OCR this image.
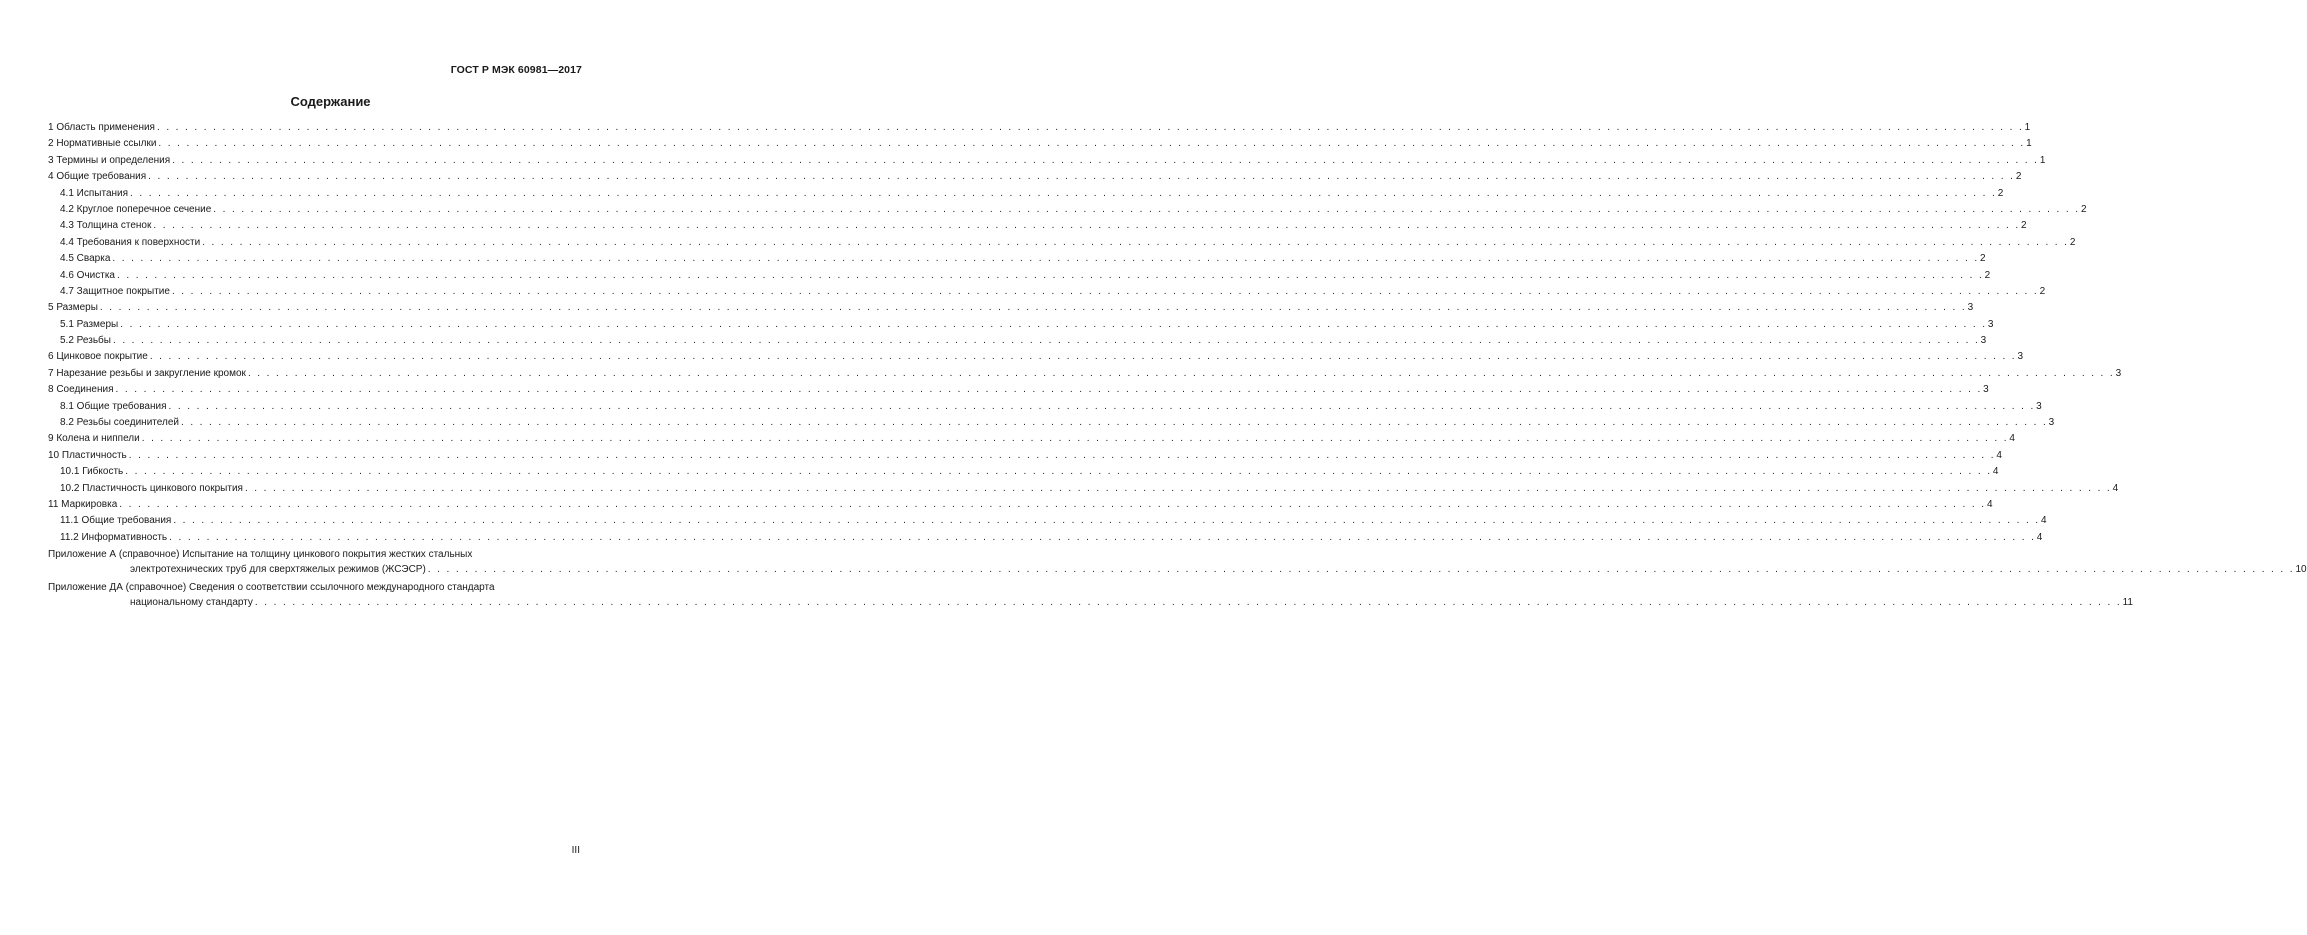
ГОСТ Р МЭК 60981—2017
Содержание
1 Область применения . . . . . . . . . . . . . . . . . . . . . . . . . . . . . . . . . . . . . . . . . . . . . . . . . . . . . . . . . . . . . . . . . . . . . . . . . . . . . . . . . . . . . . . . . . . . . . . . . . . . . . . . . . . . . . . . . . . . . . . . . . . . . . . . . . . . . . . . . . . . . . . . . . . . . . . . . . . . . . . . . . . . . . . . . . . . . . . . . . . . . . . . . . . . . . . . . . . . . . . . 1
2 Нормативные ссылки . . . . . . . . . . . . . . . . . . . . . . . . . . . . . . . . . . . . . . . . . . . . . . . . . . . . . . . . . . . . . . . . . . . . . . . . . . . . . . . . . . . . . . . . . . . . . . . . . . . . . . . . . . . . . . . . . . . . . . . . . . . . . . . . . . . . . . . . . . . . . . . . . . . . . . . . . . . . . . . . . . . . . . . . . . . . . . . . . . . . . . . . . . . . . . . . . . . . . . . . 1
3 Термины и определения . . . . . . . . . . . . . . . . . . . . . . . . . . . . . . . . . . . . . . . . . . . . . . . . . . . . . . . . . . . . . . . . . . . . . . . . . . . . . . . . . . . . . . . . . . . . . . . . . . . . . . . . . . . . . . . . . . . . . . . . . . . . . . . . . . . . . . . . . . . . . . . . . . . . . . . . . . . . . . . . . . . . . . . . . . . . . . . . . . . . . . . . . . . . . . . . . . . . . . . . 1
4 Общие требования . . . . . . . . . . . . . . . . . . . . . . . . . . . . . . . . . . . . . . . . . . . . . . . . . . . . . . . . . . . . . . . . . . . . . . . . . . . . . . . . . . . . . . . . . . . . . . . . . . . . . . . . . . . . . . . . . . . . . . . . . . . . . . . . . . . . . . . . . . . . . . . . . . . . . . . . . . . . . . . . . . . . . . . . . . . . . . . . . . . . . . . . . . . . . . . . . . . . . . . . 2
4.1 Испытания . . . . . . . . . . . . . . . . . . . . . . . . . . . . . . . . . . . . . . . . . . . . . . . . . . . . . . . . . . . . . . . . . . . . . . . . . . . . . . . . . . . . . . . . . . . . . . . . . . . . . . . . . . . . . . . . . . . . . . . . . . . . . . . . . . . . . . . . . . . . . . . . . . . . . . . . . . . . . . . . . . . . . . . . . . . . . . . . . . . . . . . . . . . . . . . . . . . . . . . . 2
4.2 Круглое поперечное сечение . . . . . . . . . . . . . . . . . . . . . . . . . . . . . . . . . . . . . . . . . . . . . . . . . . . . . . . . . . . . . . . . . . . . . . . . . . . . . . . . . . . . . . . . . . . . . . . . . . . . . . . . . . . . . . . . . . . . . . . . . . . . . . . . . . . . . . . . . . . . . . . . . . . . . . . . . . . . . . . . . . . . . . . . . . . . . . . . . . . . . . . . . . . . . . . . . . . . . . . . 2
4.3 Толщина стенок . . . . . . . . . . . . . . . . . . . . . . . . . . . . . . . . . . . . . . . . . . . . . . . . . . . . . . . . . . . . . . . . . . . . . . . . . . . . . . . . . . . . . . . . . . . . . . . . . . . . . . . . . . . . . . . . . . . . . . . . . . . . . . . . . . . . . . . . . . . . . . . . . . . . . . . . . . . . . . . . . . . . . . . . . . . . . . . . . . . . . . . . . . . . . . . . . . . . . . . . 2
4.4 Требования к поверхности . . . . . . . . . . . . . . . . . . . . . . . . . . . . . . . . . . . . . . . . . . . . . . . . . . . . . . . . . . . . . . . . . . . . . . . . . . . . . . . . . . . . . . . . . . . . . . . . . . . . . . . . . . . . . . . . . . . . . . . . . . . . . . . . . . . . . . . . . . . . . . . . . . . . . . . . . . . . . . . . . . . . . . . . . . . . . . . . . . . . . . . . . . . . . . . . . . . . . . . . 2
4.5 Сварка . . . . . . . . . . . . . . . . . . . . . . . . . . . . . . . . . . . . . . . . . . . . . . . . . . . . . . . . . . . . . . . . . . . . . . . . . . . . . . . . . . . . . . . . . . . . . . . . . . . . . . . . . . . . . . . . . . . . . . . . . . . . . . . . . . . . . . . . . . . . . . . . . . . . . . . . . . . . . . . . . . . . . . . . . . . . . . . . . . . . . . . . . . . . . . . . . . . . . . . . 2
4.6 Очистка . . . . . . . . . . . . . . . . . . . . . . . . . . . . . . . . . . . . . . . . . . . . . . . . . . . . . . . . . . . . . . . . . . . . . . . . . . . . . . . . . . . . . . . . . . . . . . . . . . . . . . . . . . . . . . . . . . . . . . . . . . . . . . . . . . . . . . . . . . . . . . . . . . . . . . . . . . . . . . . . . . . . . . . . . . . . . . . . . . . . . . . . . . . . . . . . . . . . . . . . 2
4.7 Защитное покрытие . . . . . . . . . . . . . . . . . . . . . . . . . . . . . . . . . . . . . . . . . . . . . . . . . . . . . . . . . . . . . . . . . . . . . . . . . . . . . . . . . . . . . . . . . . . . . . . . . . . . . . . . . . . . . . . . . . . . . . . . . . . . . . . . . . . . . . . . . . . . . . . . . . . . . . . . . . . . . . . . . . . . . . . . . . . . . . . . . . . . . . . . . . . . . . . . . . . . . . . . 2
5 Размеры . . . . . . . . . . . . . . . . . . . . . . . . . . . . . . . . . . . . . . . . . . . . . . . . . . . . . . . . . . . . . . . . . . . . . . . . . . . . . . . . . . . . . . . . . . . . . . . . . . . . . . . . . . . . . . . . . . . . . . . . . . . . . . . . . . . . . . . . . . . . . . . . . . . . . . . . . . . . . . . . . . . . . . . . . . . . . . . . . . . . . . . . . . . . . . . . . . . . . . . . 3
5.1 Размеры . . . . . . . . . . . . . . . . . . . . . . . . . . . . . . . . . . . . . . . . . . . . . . . . . . . . . . . . . . . . . . . . . . . . . . . . . . . . . . . . . . . . . . . . . . . . . . . . . . . . . . . . . . . . . . . . . . . . . . . . . . . . . . . . . . . . . . . . . . . . . . . . . . . . . . . . . . . . . . . . . . . . . . . . . . . . . . . . . . . . . . . . . . . . . . . . . . . . . . . . 3
5.2 Резьбы . . . . . . . . . . . . . . . . . . . . . . . . . . . . . . . . . . . . . . . . . . . . . . . . . . . . . . . . . . . . . . . . . . . . . . . . . . . . . . . . . . . . . . . . . . . . . . . . . . . . . . . . . . . . . . . . . . . . . . . . . . . . . . . . . . . . . . . . . . . . . . . . . . . . . . . . . . . . . . . . . . . . . . . . . . . . . . . . . . . . . . . . . . . . . . . . . . . . . . . . 3
6 Цинковое покрытие . . . . . . . . . . . . . . . . . . . . . . . . . . . . . . . . . . . . . . . . . . . . . . . . . . . . . . . . . . . . . . . . . . . . . . . . . . . . . . . . . . . . . . . . . . . . . . . . . . . . . . . . . . . . . . . . . . . . . . . . . . . . . . . . . . . . . . . . . . . . . . . . . . . . . . . . . . . . . . . . . . . . . . . . . . . . . . . . . . . . . . . . . . . . . . . . . . . . . . . . 3
7 Нарезание резьбы и закругление кромок . . . . . . . . . . . . . . . . . . . . . . . . . . . . . . . . . . . . . . . . . . . . . . . . . . . . . . . . . . . . . . . . . . . . . . . . . . . . . . . . . . . . . . . . . . . . . . . . . . . . . . . . . . . . . . . . . . . . . . . . . . . . . . . . . . . . . . . . . . . . . . . . . . . . . . . . . . . . . . . . . . . . . . . . . . . . . . . . . . . . . . . . . . . . . . . . . . . . . . . . 3
8 Соединения . . . . . . . . . . . . . . . . . . . . . . . . . . . . . . . . . . . . . . . . . . . . . . . . . . . . . . . . . . . . . . . . . . . . . . . . . . . . . . . . . . . . . . . . . . . . . . . . . . . . . . . . . . . . . . . . . . . . . . . . . . . . . . . . . . . . . . . . . . . . . . . . . . . . . . . . . . . . . . . . . . . . . . . . . . . . . . . . . . . . . . . . . . . . . . . . . . . . . . . . 3
8.1 Общие требования . . . . . . . . . . . . . . . . . . . . . . . . . . . . . . . . . . . . . . . . . . . . . . . . . . . . . . . . . . . . . . . . . . . . . . . . . . . . . . . . . . . . . . . . . . . . . . . . . . . . . . . . . . . . . . . . . . . . . . . . . . . . . . . . . . . . . . . . . . . . . . . . . . . . . . . . . . . . . . . . . . . . . . . . . . . . . . . . . . . . . . . . . . . . . . . . . . . . . . . . 3
8.2 Резьбы соединителей . . . . . . . . . . . . . . . . . . . . . . . . . . . . . . . . . . . . . . . . . . . . . . . . . . . . . . . . . . . . . . . . . . . . . . . . . . . . . . . . . . . . . . . . . . . . . . . . . . . . . . . . . . . . . . . . . . . . . . . . . . . . . . . . . . . . . . . . . . . . . . . . . . . . . . . . . . . . . . . . . . . . . . . . . . . . . . . . . . . . . . . . . . . . . . . . . . . . . . . . 3
9 Колена и ниппели . . . . . . . . . . . . . . . . . . . . . . . . . . . . . . . . . . . . . . . . . . . . . . . . . . . . . . . . . . . . . . . . . . . . . . . . . . . . . . . . . . . . . . . . . . . . . . . . . . . . . . . . . . . . . . . . . . . . . . . . . . . . . . . . . . . . . . . . . . . . . . . . . . . . . . . . . . . . . . . . . . . . . . . . . . . . . . . . . . . . . . . . . . . . . . . . . . . . . . . . 4
10 Пластичность . . . . . . . . . . . . . . . . . . . . . . . . . . . . . . . . . . . . . . . . . . . . . . . . . . . . . . . . . . . . . . . . . . . . . . . . . . . . . . . . . . . . . . . . . . . . . . . . . . . . . . . . . . . . . . . . . . . . . . . . . . . . . . . . . . . . . . . . . . . . . . . . . . . . . . . . . . . . . . . . . . . . . . . . . . . . . . . . . . . . . . . . . . . . . . . . . . . . . . . . 4
10.1 Гибкость . . . . . . . . . . . . . . . . . . . . . . . . . . . . . . . . . . . . . . . . . . . . . . . . . . . . . . . . . . . . . . . . . . . . . . . . . . . . . . . . . . . . . . . . . . . . . . . . . . . . . . . . . . . . . . . . . . . . . . . . . . . . . . . . . . . . . . . . . . . . . . . . . . . . . . . . . . . . . . . . . . . . . . . . . . . . . . . . . . . . . . . . . . . . . . . . . . . . . . . . 4
10.2 Пластичность цинкового покрытия . . . . . . . . . . . . . . . . . . . . . . . . . . . . . . . . . . . . . . . . . . . . . . . . . . . . . . . . . . . . . . . . . . . . . . . . . . . . . . . . . . . . . . . . . . . . . . . . . . . . . . . . . . . . . . . . . . . . . . . . . . . . . . . . . . . . . . . . . . . . . . . . . . . . . . . . . . . . . . . . . . . . . . . . . . . . . . . . . . . . . . . . . . . . . . . . . . . . . . . . 4
11 Маркировка . . . . . . . . . . . . . . . . . . . . . . . . . . . . . . . . . . . . . . . . . . . . . . . . . . . . . . . . . . . . . . . . . . . . . . . . . . . . . . . . . . . . . . . . . . . . . . . . . . . . . . . . . . . . . . . . . . . . . . . . . . . . . . . . . . . . . . . . . . . . . . . . . . . . . . . . . . . . . . . . . . . . . . . . . . . . . . . . . . . . . . . . . . . . . . . . . . . . . . . . 4
11.1 Общие требования . . . . . . . . . . . . . . . . . . . . . . . . . . . . . . . . . . . . . . . . . . . . . . . . . . . . . . . . . . . . . . . . . . . . . . . . . . . . . . . . . . . . . . . . . . . . . . . . . . . . . . . . . . . . . . . . . . . . . . . . . . . . . . . . . . . . . . . . . . . . . . . . . . . . . . . . . . . . . . . . . . . . . . . . . . . . . . . . . . . . . . . . . . . . . . . . . . . . . . . . 4
11.2 Информативность . . . . . . . . . . . . . . . . . . . . . . . . . . . . . . . . . . . . . . . . . . . . . . . . . . . . . . . . . . . . . . . . . . . . . . . . . . . . . . . . . . . . . . . . . . . . . . . . . . . . . . . . . . . . . . . . . . . . . . . . . . . . . . . . . . . . . . . . . . . . . . . . . . . . . . . . . . . . . . . . . . . . . . . . . . . . . . . . . . . . . . . . . . . . . . . . . . . . . . . . 4
Приложение А (справочное) Испытание на толщину цинкового покрытия жестких стальных
электротехнических труб для сверхтяжелых режимов (ЖСЭСР) . . . . . . . . . . . . . . . . . . . . . . . . . . . . . . . . . . . . . . . . . . . . . . . . . . . . . . . . . . . . . . . . . . . . . . . . . . . . . . . . . . . . . . . . . . . . . . . . . . . . . . . . . . . . . . . . . . . . . . . . . . . . . . . . . . . . . . . . . . . . . . . . . . . . . . . . . . . . . . . . . . . . . . . . . . . . . . . . . . . . . . . . . . . . . . . . . . . . . . . . 10
Приложение ДА (справочное) Сведения о соответствии ссылочного международного стандарта
национальному стандарту . . . . . . . . . . . . . . . . . . . . . . . . . . . . . . . . . . . . . . . . . . . . . . . . . . . . . . . . . . . . . . . . . . . . . . . . . . . . . . . . . . . . . . . . . . . . . . . . . . . . . . . . . . . . . . . . . . . . . . . . . . . . . . . . . . . . . . . . . . . . . . . . . . . . . . . . . . . . . . . . . . . . . . . . . . . . . . . . . . . . . . . . . . . . . . . . . . . . . . . . 11
III
